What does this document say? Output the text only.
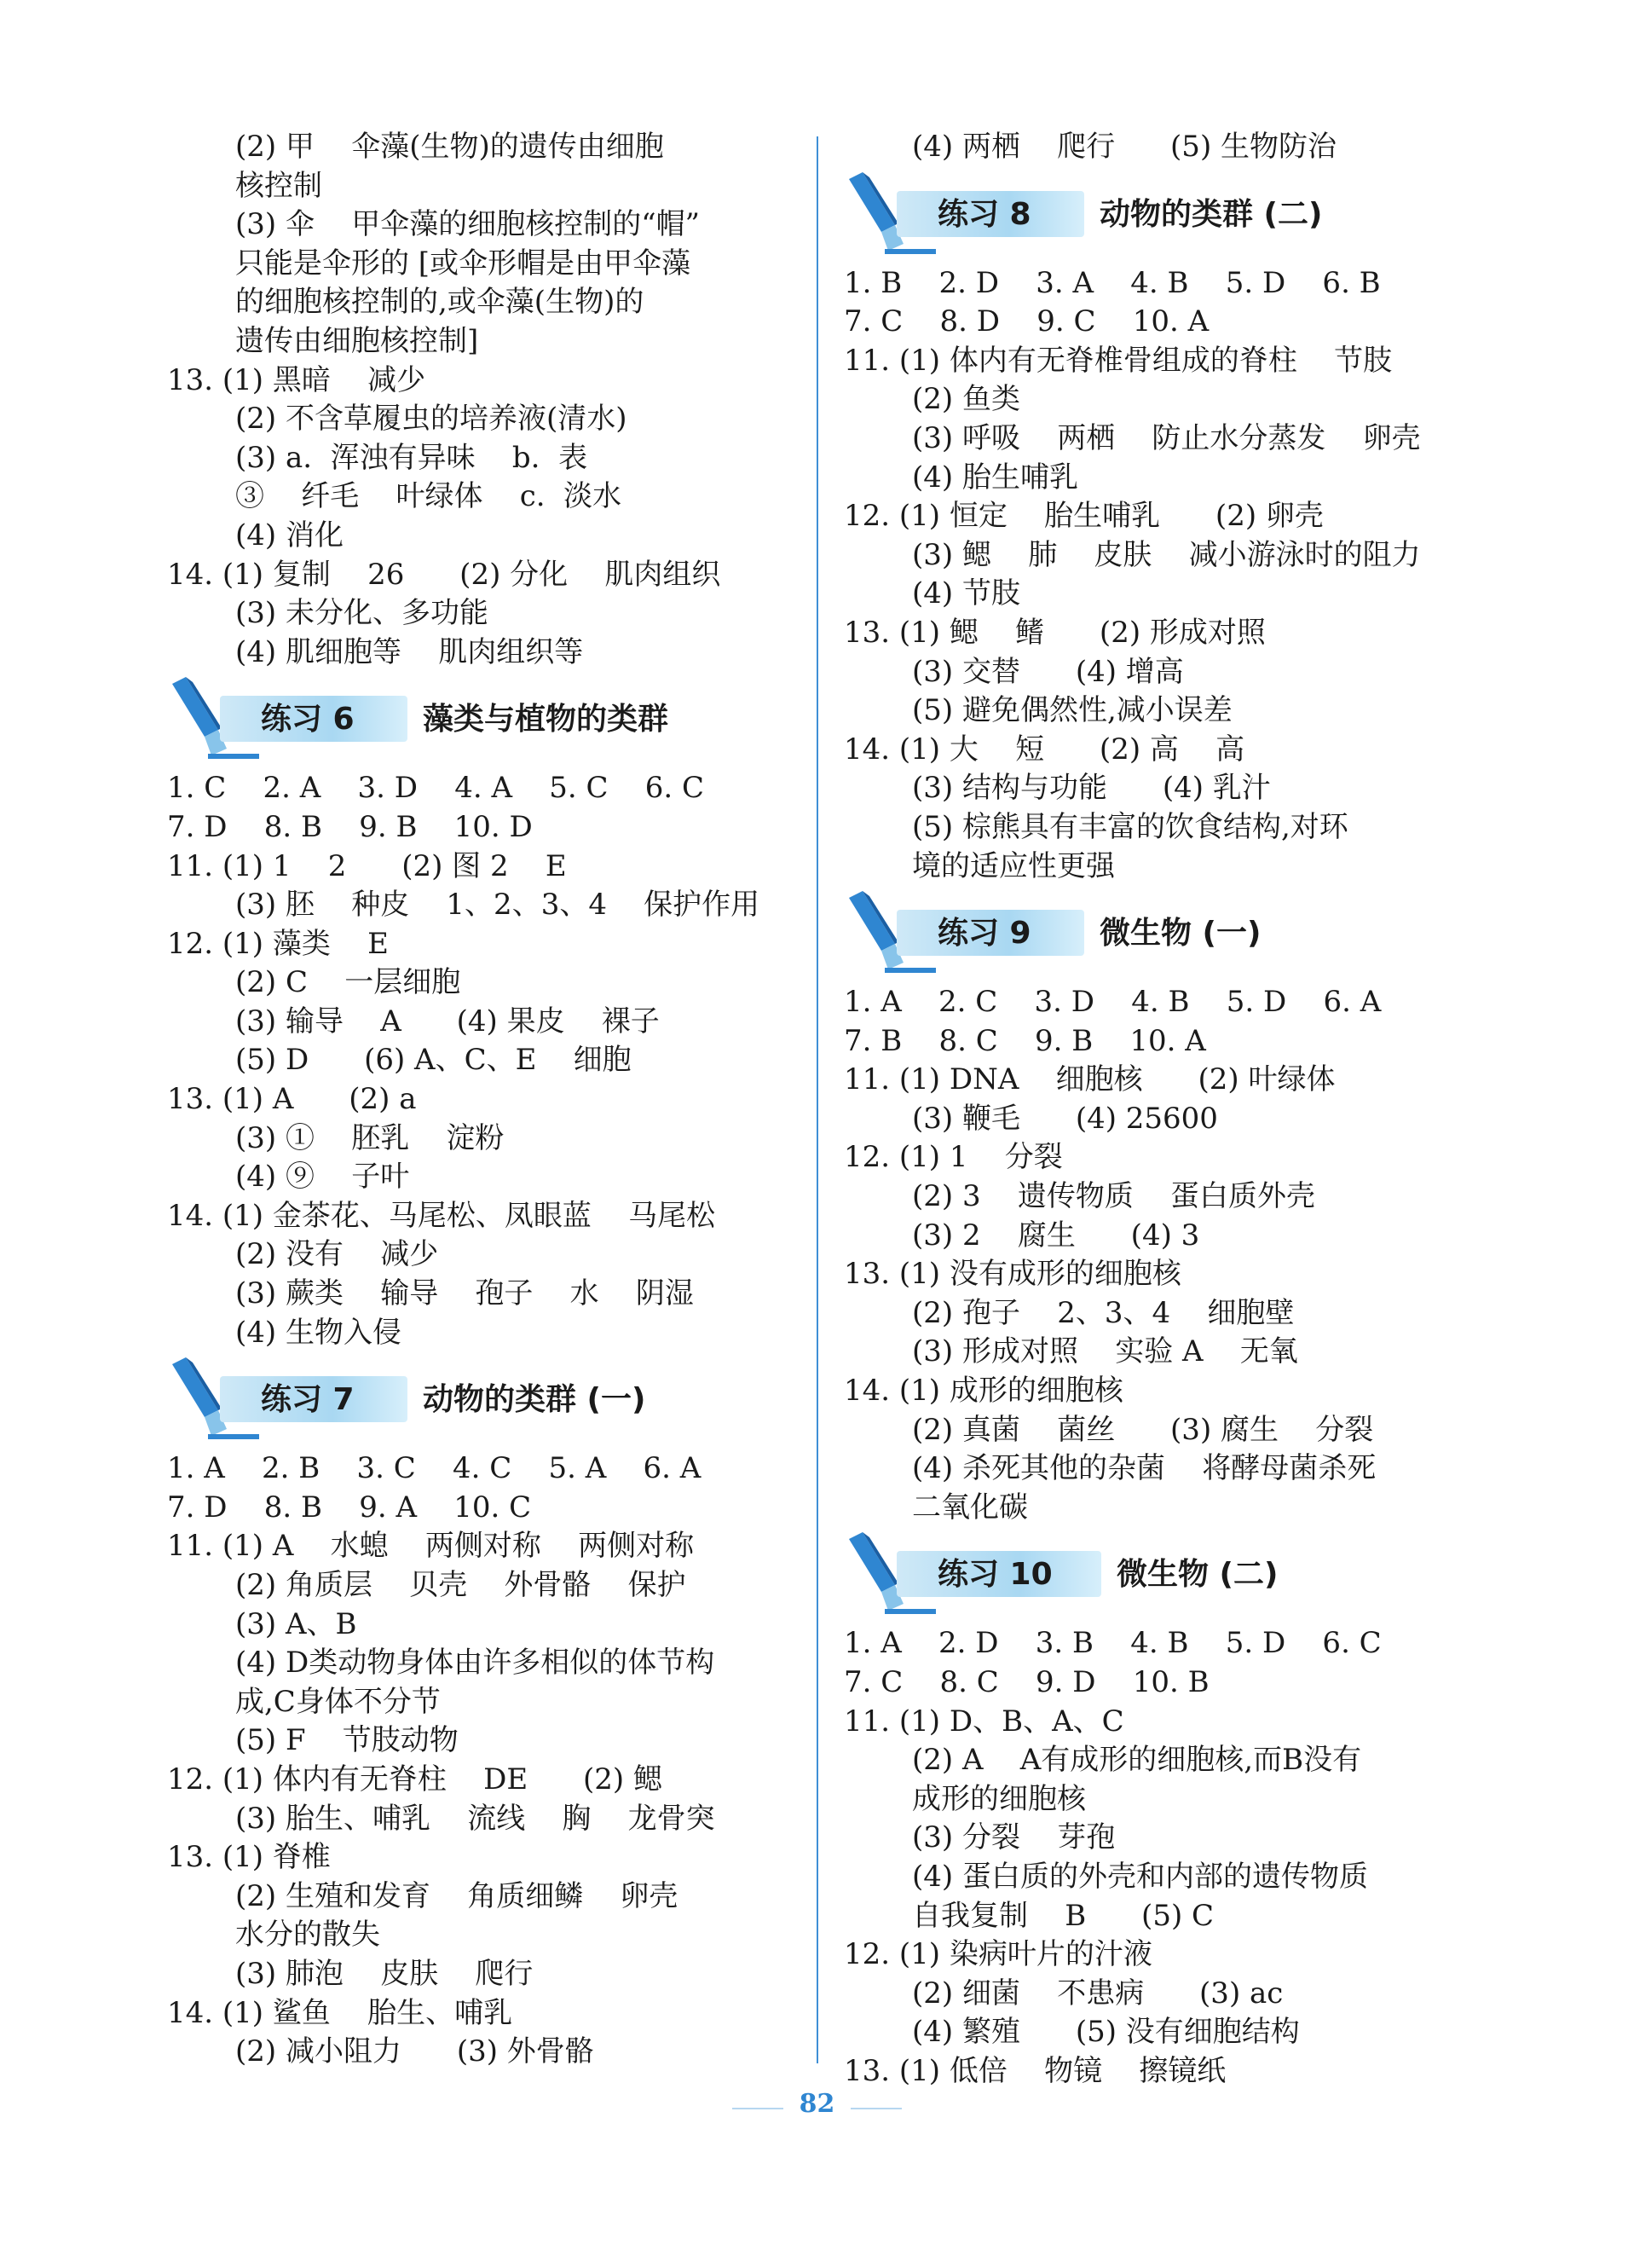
(2) 甲    伞藻(生物)的遗传由细胞
核控制
(3) 伞    甲伞藻的细胞核控制的“帽”
只能是伞形的 [或伞形帽是由甲伞藻
的细胞核控制的,或伞藻(生物)的
遗传由细胞核控制]
13. (1) 黑暗    减少
(2) 不含草履虫的培养液(清水)
(3) a.  浑浊有异味    b.  表
③    纤毛    叶绿体    c.  淡水
(4) 消化
14. (1) 复制    26      (2) 分化    肌肉组织
(3) 未分化、多功能
(4) 肌细胞等    肌肉组织等
练习 6 藻类与植物的类群
1. C    2. A    3. D    4. A    5. C    6. C
7. D    8. B    9. B    10. D
11. (1) 1    2      (2) 图 2    E
(3) 胚    种皮    1、2、3、4    保护作用
12. (1) 藻类    E
(2) C    一层细胞
(3) 输导    A      (4) 果皮    裸子
(5) D      (6) A、C、E    细胞
13. (1) A      (2) a
(3) ①    胚乳    淀粉
(4) ⑨    子叶
14. (1) 金茶花、马尾松、凤眼蓝    马尾松
(2) 没有    减少
(3) 蕨类    输导    孢子    水    阴湿
(4) 生物入侵
练习 7 动物的类群 (一)
1. A    2. B    3. C    4. C    5. A    6. A
7. D    8. B    9. A    10. C
11. (1) A    水螅    两侧对称    两侧对称
(2) 角质层    贝壳    外骨骼    保护
(3) A、B
(4) D类动物身体由许多相似的体节构
成,C身体不分节
(5) F    节肢动物
12. (1) 体内有无脊柱    DE      (2) 鳃
(3) 胎生、哺乳    流线    胸    龙骨突
13. (1) 脊椎
(2) 生殖和发育    角质细鳞    卵壳
水分的散失
(3) 肺泡    皮肤    爬行
14. (1) 鲨鱼    胎生、哺乳
(2) 减小阻力      (3) 外骨骼
(4) 两栖    爬行      (5) 生物防治
练习 8 动物的类群 (二)
1. B    2. D    3. A    4. B    5. D    6. B
7. C    8. D    9. C    10. A
11. (1) 体内有无脊椎骨组成的脊柱    节肢
(2) 鱼类
(3) 呼吸    两栖    防止水分蒸发    卵壳
(4) 胎生哺乳
12. (1) 恒定    胎生哺乳      (2) 卵壳
(3) 鳃    肺    皮肤    减小游泳时的阻力
(4) 节肢
13. (1) 鳃    鳍      (2) 形成对照
(3) 交替      (4) 增高
(5) 避免偶然性,减小误差
14. (1) 大    短      (2) 高    高
(3) 结构与功能      (4) 乳汁
(5) 棕熊具有丰富的饮食结构,对环
境的适应性更强
练习 9 微生物 (一)
1. A    2. C    3. D    4. B    5. D    6. A
7. B    8. C    9. B    10. A
11. (1) DNA    细胞核      (2) 叶绿体
(3) 鞭毛      (4) 25600
12. (1) 1    分裂
(2) 3    遗传物质    蛋白质外壳
(3) 2    腐生      (4) 3
13. (1) 没有成形的细胞核
(2) 孢子    2、3、4    细胞壁
(3) 形成对照    实验 A    无氧
14. (1) 成形的细胞核
(2) 真菌    菌丝      (3) 腐生    分裂
(4) 杀死其他的杂菌    将酵母菌杀死
二氧化碳
练习 10 微生物 (二)
1. A    2. D    3. B    4. B    5. D    6. C
7. C    8. C    9. D    10. B
11. (1) D、B、A、C
(2) A    A有成形的细胞核,而B没有
成形的细胞核
(3) 分裂    芽孢
(4) 蛋白质的外壳和内部的遗传物质
自我复制    B      (5) C
12. (1) 染病叶片的汁液
(2) 细菌    不患病      (3) ac
(4) 繁殖      (5) 没有细胞结构
13. (1) 低倍    物镜    擦镜纸
82
